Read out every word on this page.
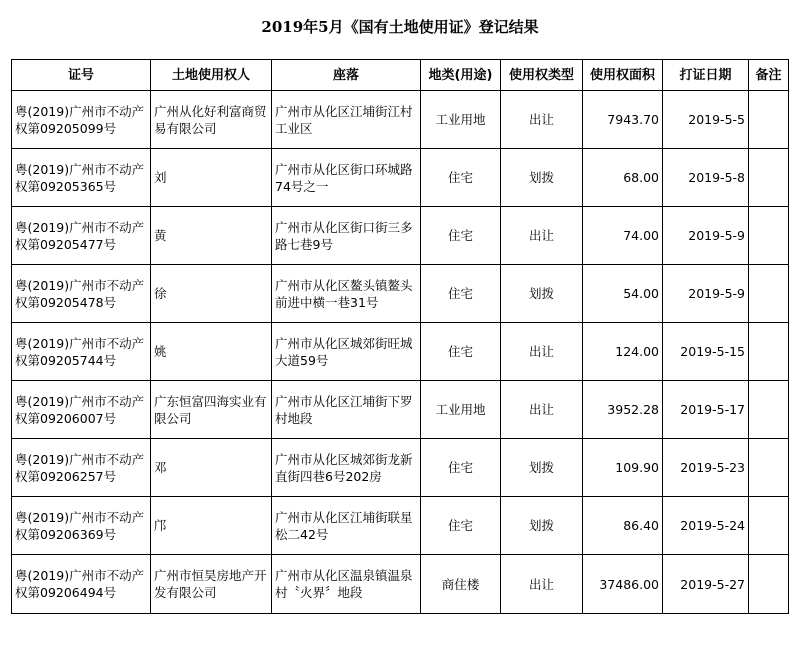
2019年5月《国有土地使用证》登记结果
证号	土地使用权人	座落	地类(用途)	使用权类型	使用权面积	打证日期	备注
粤(2019)广州市不动产权第09205099号	广州从化好利富商贸易有限公司	广州市从化区江埔街江村工业区	工业用地	出让	7943.70	2019-5-5	
粤(2019)广州市不动产权第09205365号	刘	广州市从化区街口环城路74号之一	住宅	划拨	68.00	2019-5-8	
粤(2019)广州市不动产权第09205477号	黄	广州市从化区街口街三多路七巷9号	住宅	出让	74.00	2019-5-9	
粤(2019)广州市不动产权第09205478号	徐	广州市从化区鳌头镇鳌头前进中横一巷31号	住宅	划拨	54.00	2019-5-9	
粤(2019)广州市不动产权第09205744号	姚	广州市从化区城郊街旺城大道59号	住宅	出让	124.00	2019-5-15	
粤(2019)广州市不动产权第09206007号	广东恒富四海实业有限公司	广州市从化区江埔街下罗村地段	工业用地	出让	3952.28	2019-5-17	
粤(2019)广州市不动产权第09206257号	邓	广州市从化区城郊街龙新直街四巷6号202房	住宅	划拨	109.90	2019-5-23	
粤(2019)广州市不动产权第09206369号	邝	广州市从化区江埔街联星松二42号	住宅	划拨	86.40	2019-5-24	
粤(2019)广州市不动产权第09206494号	广州市恒昊房地产开发有限公司	广州市从化区温泉镇温泉村〝火界〞地段	商住楼	出让	37486.00	2019-5-27	
